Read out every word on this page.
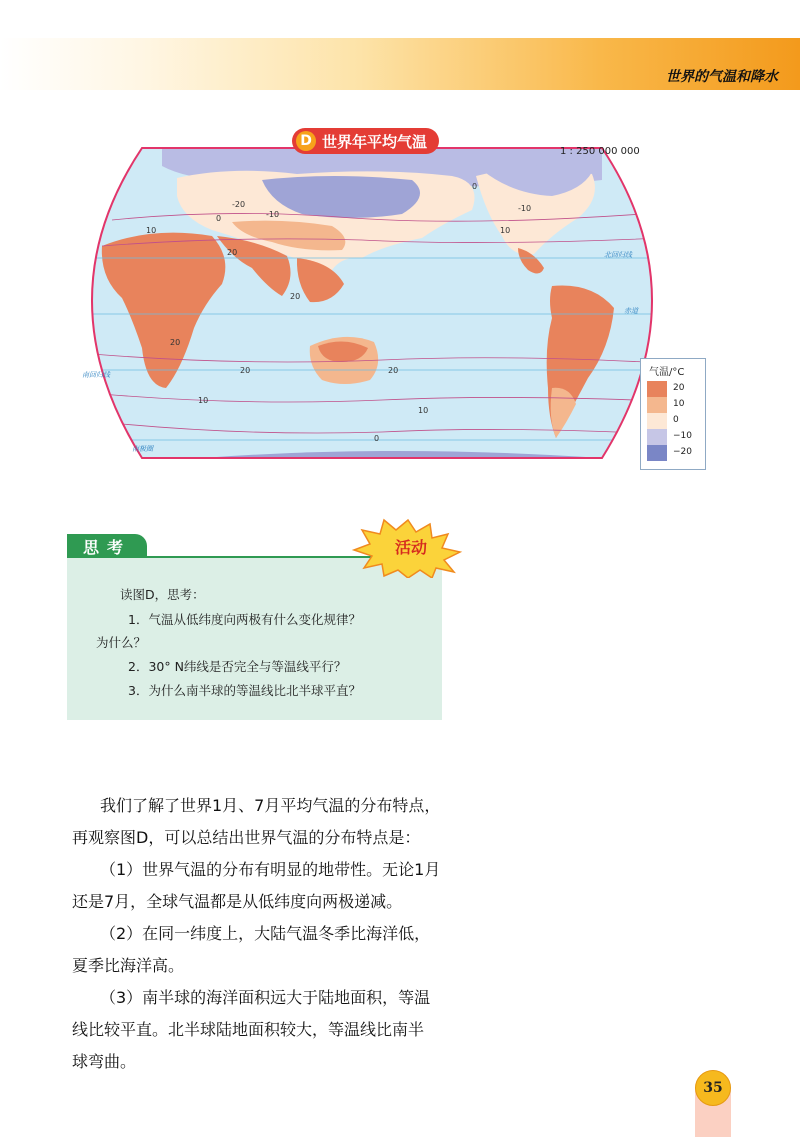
世界的气温和降水
D 世界年平均气温
1 : 250 000 000
-20
-10
0
10
20
20
20	20
10
0
-10
10
0
20
10
北回归线
赤道
南回归线
南极圈
气温/°C
20
10
0
−10
−20
思考	活动
读图D，思考：
1．气温从低纬度向两极有什么变化规律？
为什么？
2．30° N纬线是否完全与等温线平行？
3．为什么南半球的等温线比北半球平直？
我们了解了世界1月、7月平均气温的分布特点，
再观察图D，可以总结出世界气温的分布特点是：
（1）世界气温的分布有明显的地带性。无论1月
还是7月，全球气温都是从低纬度向两极递减。
（2）在同一纬度上，大陆气温冬季比海洋低，
夏季比海洋高。
（3）南半球的海洋面积远大于陆地面积，等温
线比较平直。北半球陆地面积较大，等温线比南半
球弯曲。
35
